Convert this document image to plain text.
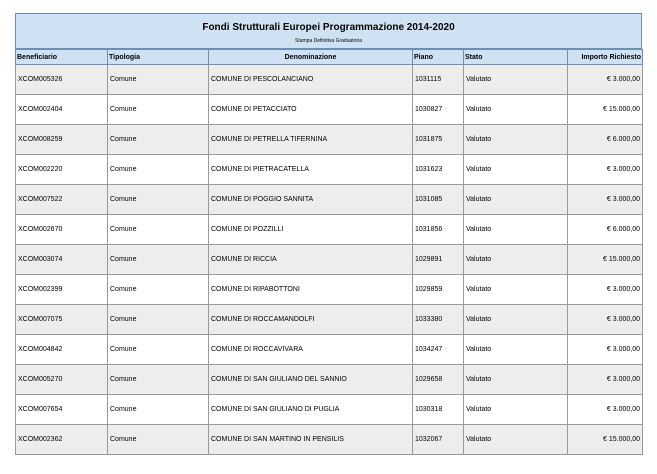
Fondi Strutturali Europei Programmazione 2014-2020
Stampa Definitiva Graduatoria
Beneficiario	Tipologia	Denominazione	Piano	Stato	Importo Richiesto
XCOM005326	Comune	COMUNE DI PESCOLANCIANO	1031115	Valutato	€ 3.000,00
XCOM002404	Comune	COMUNE DI PETACCIATO	1030827	Valutato	€ 15.000,00
XCOM008259	Comune	COMUNE DI PETRELLA TIFERNINA	1031875	Valutato	€ 6.000,00
XCOM002220	Comune	COMUNE DI PIETRACATELLA	1031623	Valutato	€ 3.000,00
XCOM007522	Comune	COMUNE DI POGGIO SANNITA	1031085	Valutato	€ 3.000,00
XCOM002670	Comune	COMUNE DI POZZILLI	1031856	Valutato	€ 6.000,00
XCOM003074	Comune	COMUNE DI RICCIA	1029891	Valutato	€ 15.000,00
XCOM002399	Comune	COMUNE DI RIPABOTTONI	1029859	Valutato	€ 3.000,00
XCOM007075	Comune	COMUNE DI ROCCAMANDOLFI	1033380	Valutato	€ 3.000,00
XCOM004842	Comune	COMUNE DI ROCCAVIVARA	1034247	Valutato	€ 3.000,00
XCOM005270	Comune	COMUNE DI SAN GIULIANO DEL SANNIO	1029658	Valutato	€ 3.000,00
XCOM007654	Comune	COMUNE DI SAN GIULIANO DI PUGLIA	1030318	Valutato	€ 3.000,00
XCOM002362	Comune	COMUNE DI SAN MARTINO IN PENSILIS	1032067	Valutato	€ 15.000,00
